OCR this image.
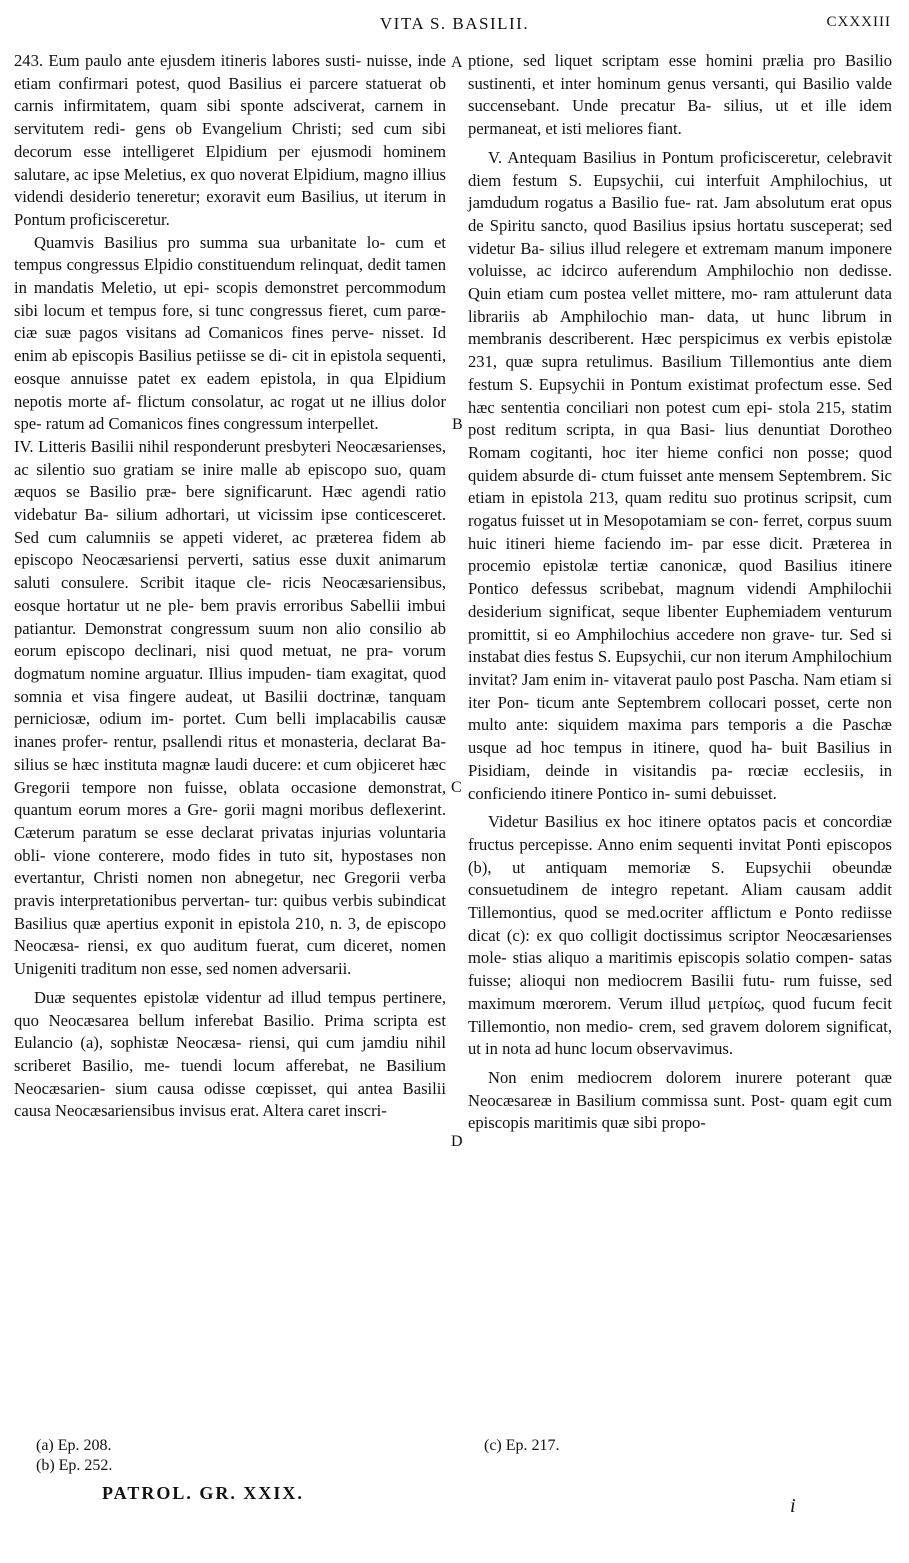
VITA S. BASILII.	CXXXIII

243. Eum paulo ante ejusdem itineris labores susti- nuisse, inde etiam confirmari potest, quod Basilius ei parcere statuerat ob carnis infirmitatem, quam sibi sponte adsciverat, carnem in servitutem redi- gens ob Evangelium Christi; sed cum sibi decorum esse intelligeret Elpidium per ejusmodi hominem salutare, ac ipse Meletius, ex quo noverat Elpidium, magno illius videndi desiderio teneretur; exoravit eum Basilius, ut iterum in Pontum proficisceretur.

Quamvis Basilius pro summa sua urbanitate lo- cum et tempus congressus Elpidio constituendum relinquat, dedit tamen in mandatis Meletio, ut epi- scopis demonstret percommodum sibi locum et tempus fore, si tunc congressus fieret, cum parœ- ciæ suæ pagos visitans ad Comanicos fines perve- nisset. Id enim ab episcopis Basilius petiisse se di- cit in epistola sequenti, eosque annuisse patet ex eadem epistola, in qua Elpidium nepotis morte af- flictum consolatur, ac rogat ut ne illius dolor spe- ratum ad Comanicos fines congressum interpellet.

IV. Litteris Basilii nihil responderunt presbyteri Neocæsarienses, ac silentio suo gratiam se inire malle ab episcopo suo, quam æquos se Basilio præ- bere significarunt. Hæc agendi ratio videbatur Ba- silium adhortari, ut vicissim ipse conticesceret. Sed cum calumniis se appeti videret, ac præterea fidem ab episcopo Neocæsariensi perverti, satius esse duxit animarum saluti consulere. Scribit itaque cle- ricis Neocæsariensibus, eosque hortatur ut ne ple- bem pravis erroribus Sabellii imbui patiantur. Demonstrat congressum suum non alio consilio ab eorum episcopo declinari, nisi quod metuat, ne pra- vorum dogmatum nomine arguatur. Illius impuden- tiam exagitat, quod somnia et visa fingere audeat, ut Basilii doctrinæ, tanquam perniciosæ, odium im- portet. Cum belli implacabilis causæ inanes profer- rentur, psallendi ritus et monasteria, declarat Ba- silius se hæc instituta magnæ laudi ducere: et cum objiceret hæc Gregorii tempore non fuisse, oblata occasione demonstrat, quantum eorum mores a Gre- gorii magni moribus deflexerint. Cæterum paratum se esse declarat privatas injurias voluntaria obli- vione conterere, modo fides in tuto sit, hypostases non evertantur, Christi nomen non abnegetur, nec Gregorii verba pravis interpretationibus pervertan- tur: quibus verbis subindicat Basilius quæ apertius exponit in epistola 210, n. 3, de episcopo Neocæsa- riensi, ex quo auditum fuerat, cum diceret, nomen Unigeniti traditum non esse, sed nomen adversarii.

Duæ sequentes epistolæ videntur ad illud tempus pertinere, quo Neocæsarea bellum inferebat Basilio. Prima scripta est Eulancio (a), sophistæ Neocæsa- riensi, qui cum jamdiu nihil scriberet Basilio, me- tuendi locum afferebat, ne Basilium Neocæsarien- sium causa odisse cœpisset, qui antea Basilii causa Neocæsariensibus invisus erat. Altera caret inscri-

A
B
C
D

ptione, sed liquet scriptam esse homini prælia pro Basilio sustinenti, et inter hominum genus versanti, qui Basilio valde succensebant. Unde precatur Ba- silius, ut et ille idem permaneat, et isti meliores fiant.

V. Antequam Basilius in Pontum proficisceretur, celebravit diem festum S. Eupsychii, cui interfuit Amphilochius, ut jamdudum rogatus a Basilio fue- rat. Jam absolutum erat opus de Spiritu sancto, quod Basilius ipsius hortatu susceperat; sed videtur Ba- silius illud relegere et extremam manum imponere voluisse, ac idcirco auferendum Amphilochio non dedisse. Quin etiam cum postea vellet mittere, mo- ram attulerunt data librariis ab Amphilochio man- data, ut hunc librum in membranis describerent. Hæc perspicimus ex verbis epistolæ 231, quæ supra retulimus. Basilium Tillemontius ante diem festum S. Eupsychii in Pontum existimat profectum esse. Sed hæc sententia conciliari non potest cum epi- stola 215, statim post reditum scripta, in qua Basi- lius denuntiat Dorotheo Romam cogitanti, hoc iter hieme confici non posse; quod quidem absurde di- ctum fuisset ante mensem Septembrem. Sic etiam in epistola 213, quam reditu suo protinus scripsit, cum rogatus fuisset ut in Mesopotamiam se con- ferret, corpus suum huic itineri hieme faciendo im- par esse dicit. Præterea in procemio epistolæ tertiæ canonicæ, quod Basilius itinere Pontico defessus scribebat, magnum videndi Amphilochii desiderium significat, seque libenter Euphemiadem venturum promittit, si eo Amphilochius accedere non grave- tur. Sed si instabat dies festus S. Eupsychii, cur non iterum Amphilochium invitat? Jam enim in- vitaverat paulo post Pascha. Nam etiam si iter Pon- ticum ante Septembrem collocari posset, certe non multo ante: siquidem maxima pars temporis a die Paschæ usque ad hoc tempus in itinere, quod ha- buit Basilius in Pisidiam, deinde in visitandis pa- rœciæ ecclesiis, in conficiendo itinere Pontico in- sumi debuisset.

Videtur Basilius ex hoc itinere optatos pacis et concordiæ fructus percepisse. Anno enim sequenti invitat Ponti episcopos (b), ut antiquam memoriæ S. Eupsychii obeundæ consuetudinem de integro repetant. Aliam causam addit Tillemontius, quod se med.ocriter afflictum e Ponto rediisse dicat (c): ex quo colligit doctissimus scriptor Neocæsarienses mole- stias aliquo a maritimis episcopis solatio compen- satas fuisse; alioqui non mediocrem Basilii futu- rum fuisse, sed maximum mœrorem. Verum illud μετρίως, quod fucum fecit Tillemontio, non medio- crem, sed gravem dolorem significat, ut in nota ad hunc locum observavimus.

Non enim mediocrem dolorem inurere poterant quæ Neocæsareæ in Basilium commissa sunt. Post- quam egit cum episcopis maritimis quæ sibi propo-

(a) Ep. 208.
(b) Ep. 252.
(c) Ep. 217.
PATROL. GR. XXIX.
i
